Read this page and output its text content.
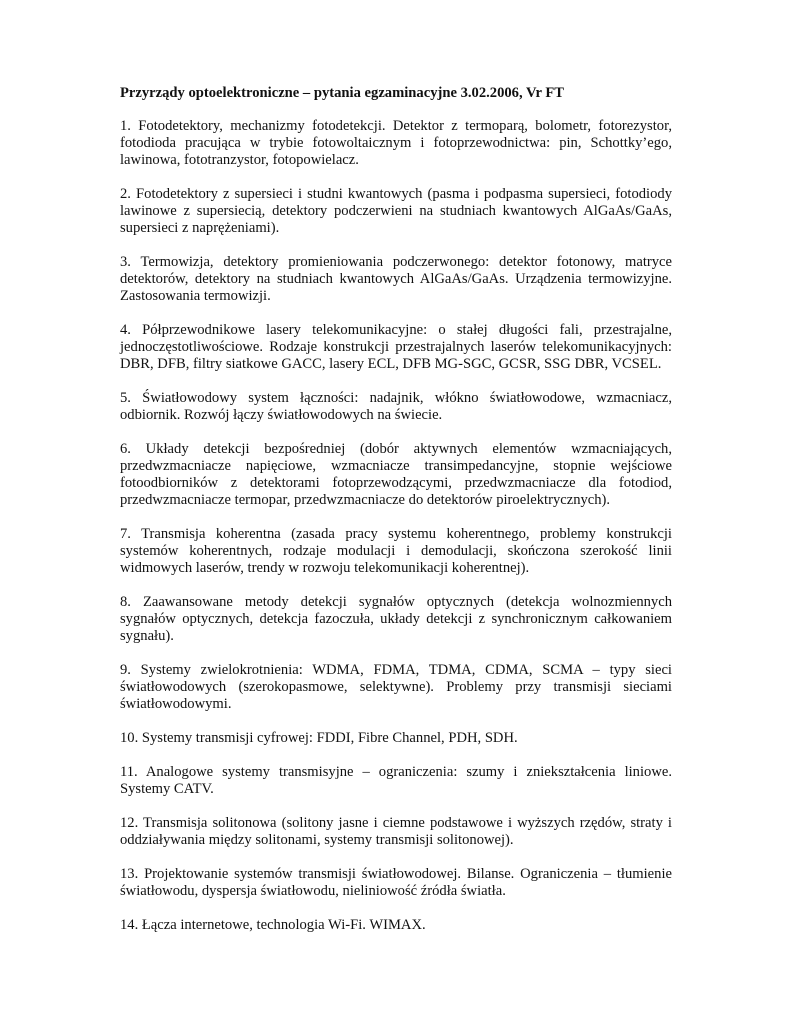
Przyrządy optoelektroniczne – pytania egzaminacyjne 3.02.2006, Vr FT

1. Fotodetektory, mechanizmy fotodetekcji. Detektor z termoparą, bolometr, fotorezystor, fotodioda pracująca w trybie fotowoltaicznym i fotoprzewodnictwa: pin, Schottky’ego, lawinowa, fototranzystor, fotopowielacz.

2. Fotodetektory z supersieci i studni kwantowych (pasma i podpasma supersieci, fotodiody lawinowe z supersiecią, detektory podczerwieni na studniach kwantowych AlGaAs/GaAs, supersieci z naprężeniami).

3. Termowizja, detektory promieniowania podczerwonego: detektor fotonowy, matryce detektorów, detektory na studniach kwantowych AlGaAs/GaAs. Urządzenia termowizyjne. Zastosowania termowizji.

4. Półprzewodnikowe lasery telekomunikacyjne: o stałej długości fali, przestrajalne, jednoczęstotliwościowe. Rodzaje konstrukcji przestrajalnych laserów telekomunikacyjnych: DBR, DFB, filtry siatkowe GACC, lasery ECL, DFB MG-SGC, GCSR, SSG DBR, VCSEL.

5. Światłowodowy system łączności: nadajnik, włókno światłowodowe, wzmacniacz, odbiornik. Rozwój łączy światłowodowych na świecie.

6. Układy detekcji bezpośredniej (dobór aktywnych elementów wzmacniających, przedwzmacniacze napięciowe, wzmacniacze transimpedancyjne, stopnie wejściowe fotoodbiorników z detektorami fotoprzewodzącymi, przedwzmacniacze dla fotodiod, przedwzmacniacze termopar, przedwzmacniacze do detektorów piroelektrycznych).

7. Transmisja koherentna (zasada pracy systemu koherentnego, problemy konstrukcji systemów koherentnych, rodzaje modulacji i demodulacji, skończona szerokość linii widmowych laserów, trendy w rozwoju telekomunikacji koherentnej).

8. Zaawansowane metody detekcji sygnałów optycznych (detekcja wolnozmiennych sygnałów optycznych, detekcja fazoczuła, układy detekcji z synchronicznym całkowaniem sygnału).

9. Systemy zwielokrotnienia: WDMA, FDMA, TDMA, CDMA, SCMA – typy sieci światłowodowych (szerokopasmowe, selektywne). Problemy przy transmisji sieciami światłowodowymi.

10. Systemy transmisji cyfrowej: FDDI, Fibre Channel, PDH, SDH.

11. Analogowe systemy transmisyjne – ograniczenia: szumy i zniekształcenia liniowe. Systemy CATV.

12. Transmisja solitonowa (solitony jasne i ciemne podstawowe i wyższych rzędów, straty i oddziaływania między solitonami, systemy transmisji solitonowej).

13. Projektowanie systemów transmisji światłowodowej. Bilanse. Ograniczenia – tłumienie światłowodu, dyspersja światłowodu, nieliniowość źródła światła.

14. Łącza internetowe, technologia Wi-Fi. WIMAX.
